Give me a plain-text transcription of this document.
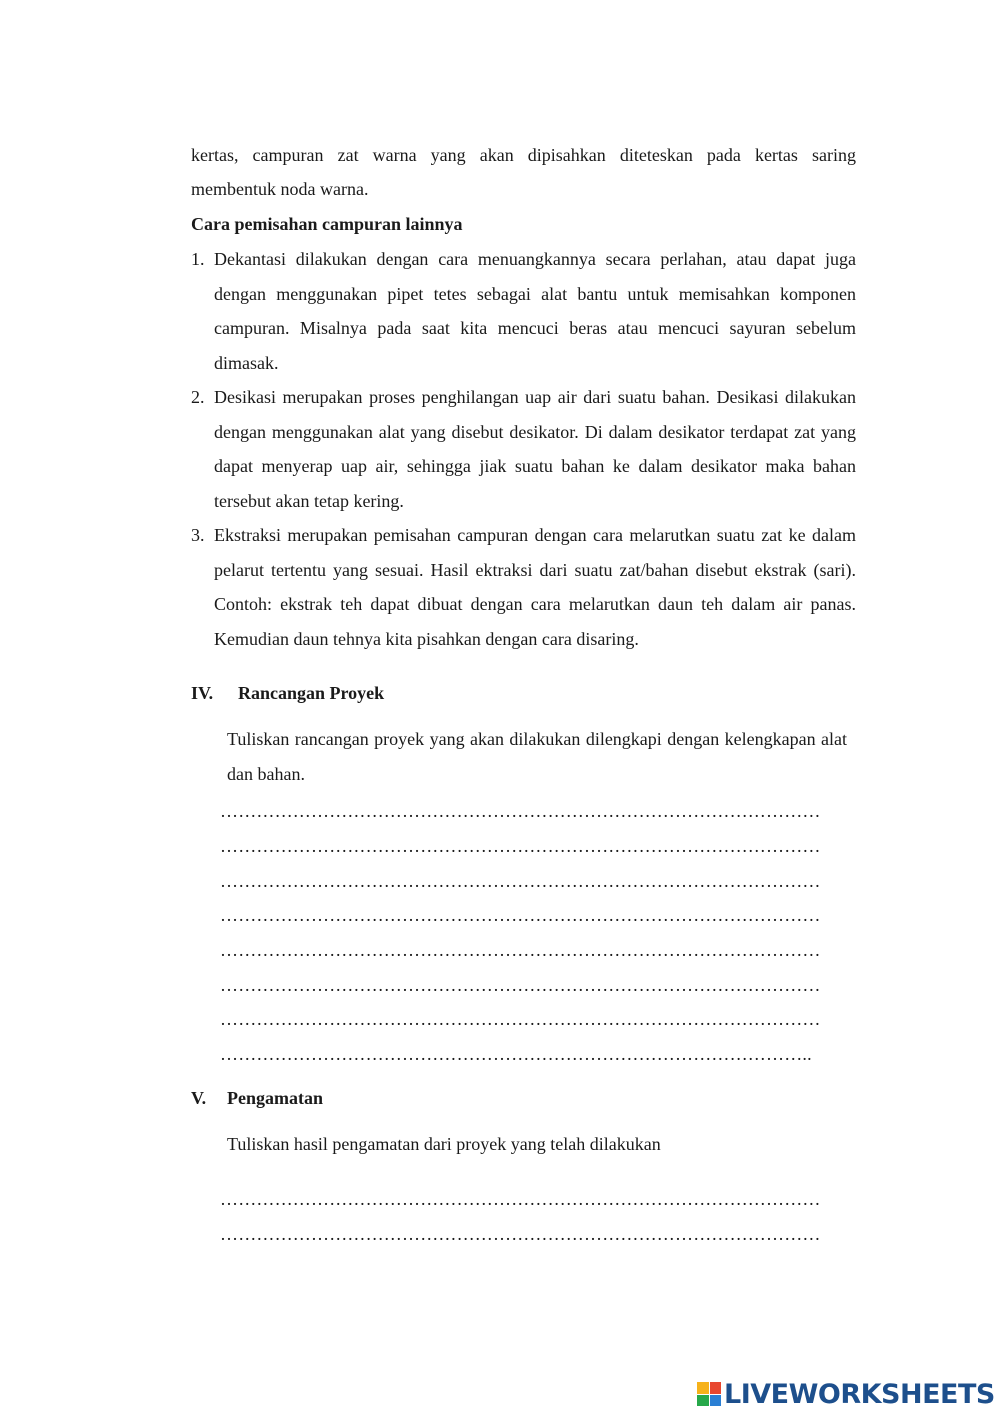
kertas, campuran zat warna yang akan dipisahkan diteteskan pada kertas saring
membentuk noda warna.
Cara pemisahan campuran lainnya
1. Dekantasi dilakukan dengan cara menuangkannya secara perlahan, atau dapat juga dengan menggunakan pipet tetes sebagai alat bantu untuk memisahkan komponen campuran. Misalnya pada saat kita mencuci beras atau mencuci sayuran sebelum dimasak.
2. Desikasi merupakan proses penghilangan uap air dari suatu bahan. Desikasi dilakukan dengan menggunakan alat yang disebut desikator. Di dalam desikator terdapat zat yang dapat menyerap uap air, sehingga jiak suatu bahan ke dalam desikator maka bahan tersebut akan tetap kering.
3. Ekstraksi merupakan pemisahan campuran dengan cara melarutkan suatu zat ke dalam pelarut tertentu yang sesuai. Hasil ektraksi dari suatu zat/bahan disebut ekstrak (sari). Contoh: ekstrak teh dapat dibuat dengan cara melarutkan daun teh dalam air panas. Kemudian daun tehnya kita pisahkan dengan cara disaring.
IV. Rancangan Proyek
Tuliskan rancangan proyek yang akan dilakukan dilengkapi dengan kelengkapan alat dan bahan.
………………………………………………………………………………………
………………………………………………………………………………………
………………………………………………………………………………………
………………………………………………………………………………………
………………………………………………………………………………………
………………………………………………………………………………………
………………………………………………………………………………………
……………………………………………………………………………………..
V. Pengamatan
Tuliskan hasil pengamatan dari proyek yang telah dilakukan
………………………………………………………………………………………
………………………………………………………………………………………
LIVEWORKSHEETS
